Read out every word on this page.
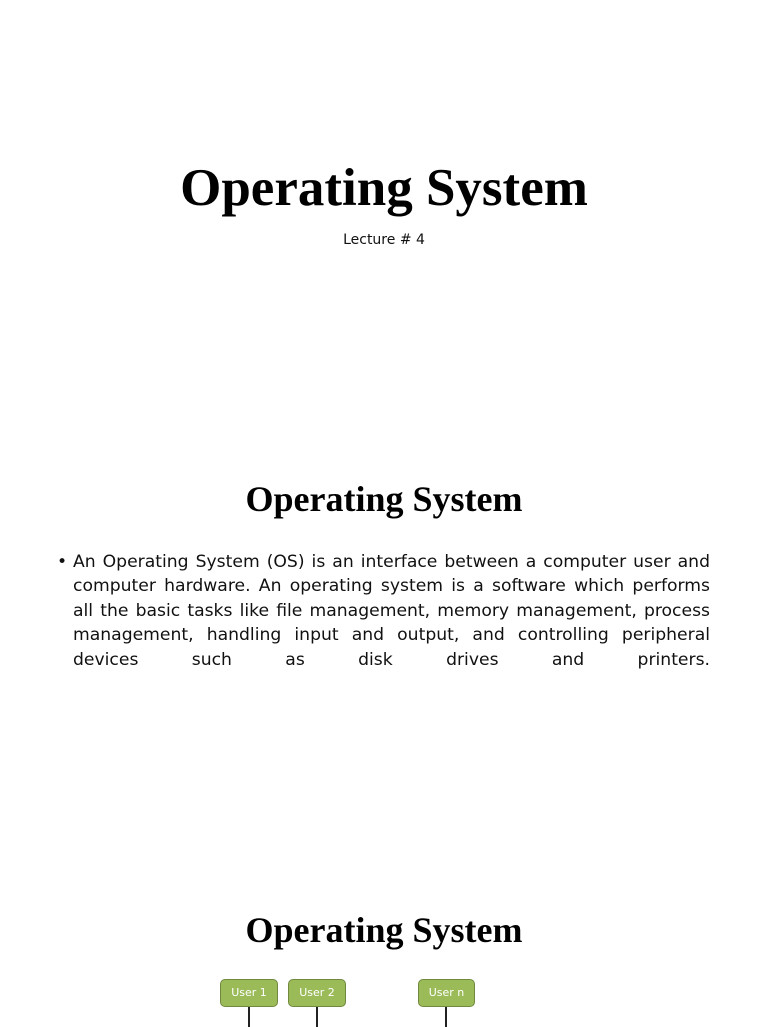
Operating System
Lecture # 4
Operating System
• An Operating System (OS) is an interface between a computer user and computer hardware. An operating system is a software which performs all the basic tasks like file management, memory management, process management, handling input and output, and controlling peripheral devices such as disk drives and printers.
Operating System
User 1	User 2	User n
